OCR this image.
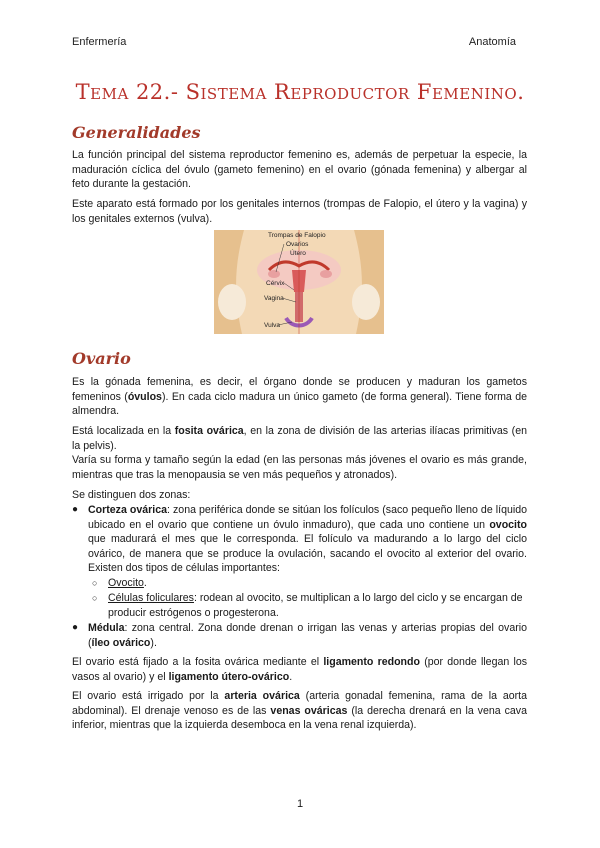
Enfermería	Anatomía
Tema 22.- Sistema Reproductor Femenino.
Generalidades

La función principal del sistema reproductor femenino es, además de perpetuar la especie, la maduración cíclica del óvulo (gameto femenino) en el ovario (gónada femenina) y albergar al feto durante la gestación.

Este aparato está formado por los genitales internos (trompas de Falopio, el útero y la vagina) y los genitales externos (vulva).

Trompas de Falopio
Ovarios
Útero
Cérvix
Vagina
Vulva
Ovario

Es la gónada femenina, es decir, el órgano donde se producen y maduran los gametos femeninos (óvulos). En cada ciclo madura un único gameto (de forma general). Tiene forma de almendra.

Está localizada en la fosita ovárica, en la zona de división de las arterias ilíacas primitivas (en la pelvis).

Varía su forma y tamaño según la edad (en las personas más jóvenes el ovario es más grande, mientras que tras la menopausia se ven más pequeños y atronados).

Se distinguen dos zonas:

● Corteza ovárica: zona periférica donde se sitúan los folículos (saco pequeño lleno de líquido ubicado en el ovario que contiene un óvulo inmaduro), que cada uno contiene un ovocito que madurará el mes que le corresponda. El folículo va madurando a lo largo del ciclo ovárico, de manera que se produce la ovulación, sacando el ovocito al exterior del ovario. Existen dos tipos de células importantes:
○ Ovocito.
○ Células foliculares: rodean al ovocito, se multiplican a lo largo del ciclo y se encargan de producir estrógenos o progesterona.
● Médula: zona central. Zona donde drenan o irrigan las venas y arterias propias del ovario (íleo ovárico).

El ovario está fijado a la fosita ovárica mediante el ligamento redondo (por donde llegan los vasos al ovario) y el ligamento útero-ovárico.

El ovario está irrigado por la arteria ovárica (arteria gonadal femenina, rama de la aorta abdominal). El drenaje venoso es de las venas ováricas (la derecha drenará en la vena cava inferior, mientras que la izquierda desemboca en la vena renal izquierda).

1
